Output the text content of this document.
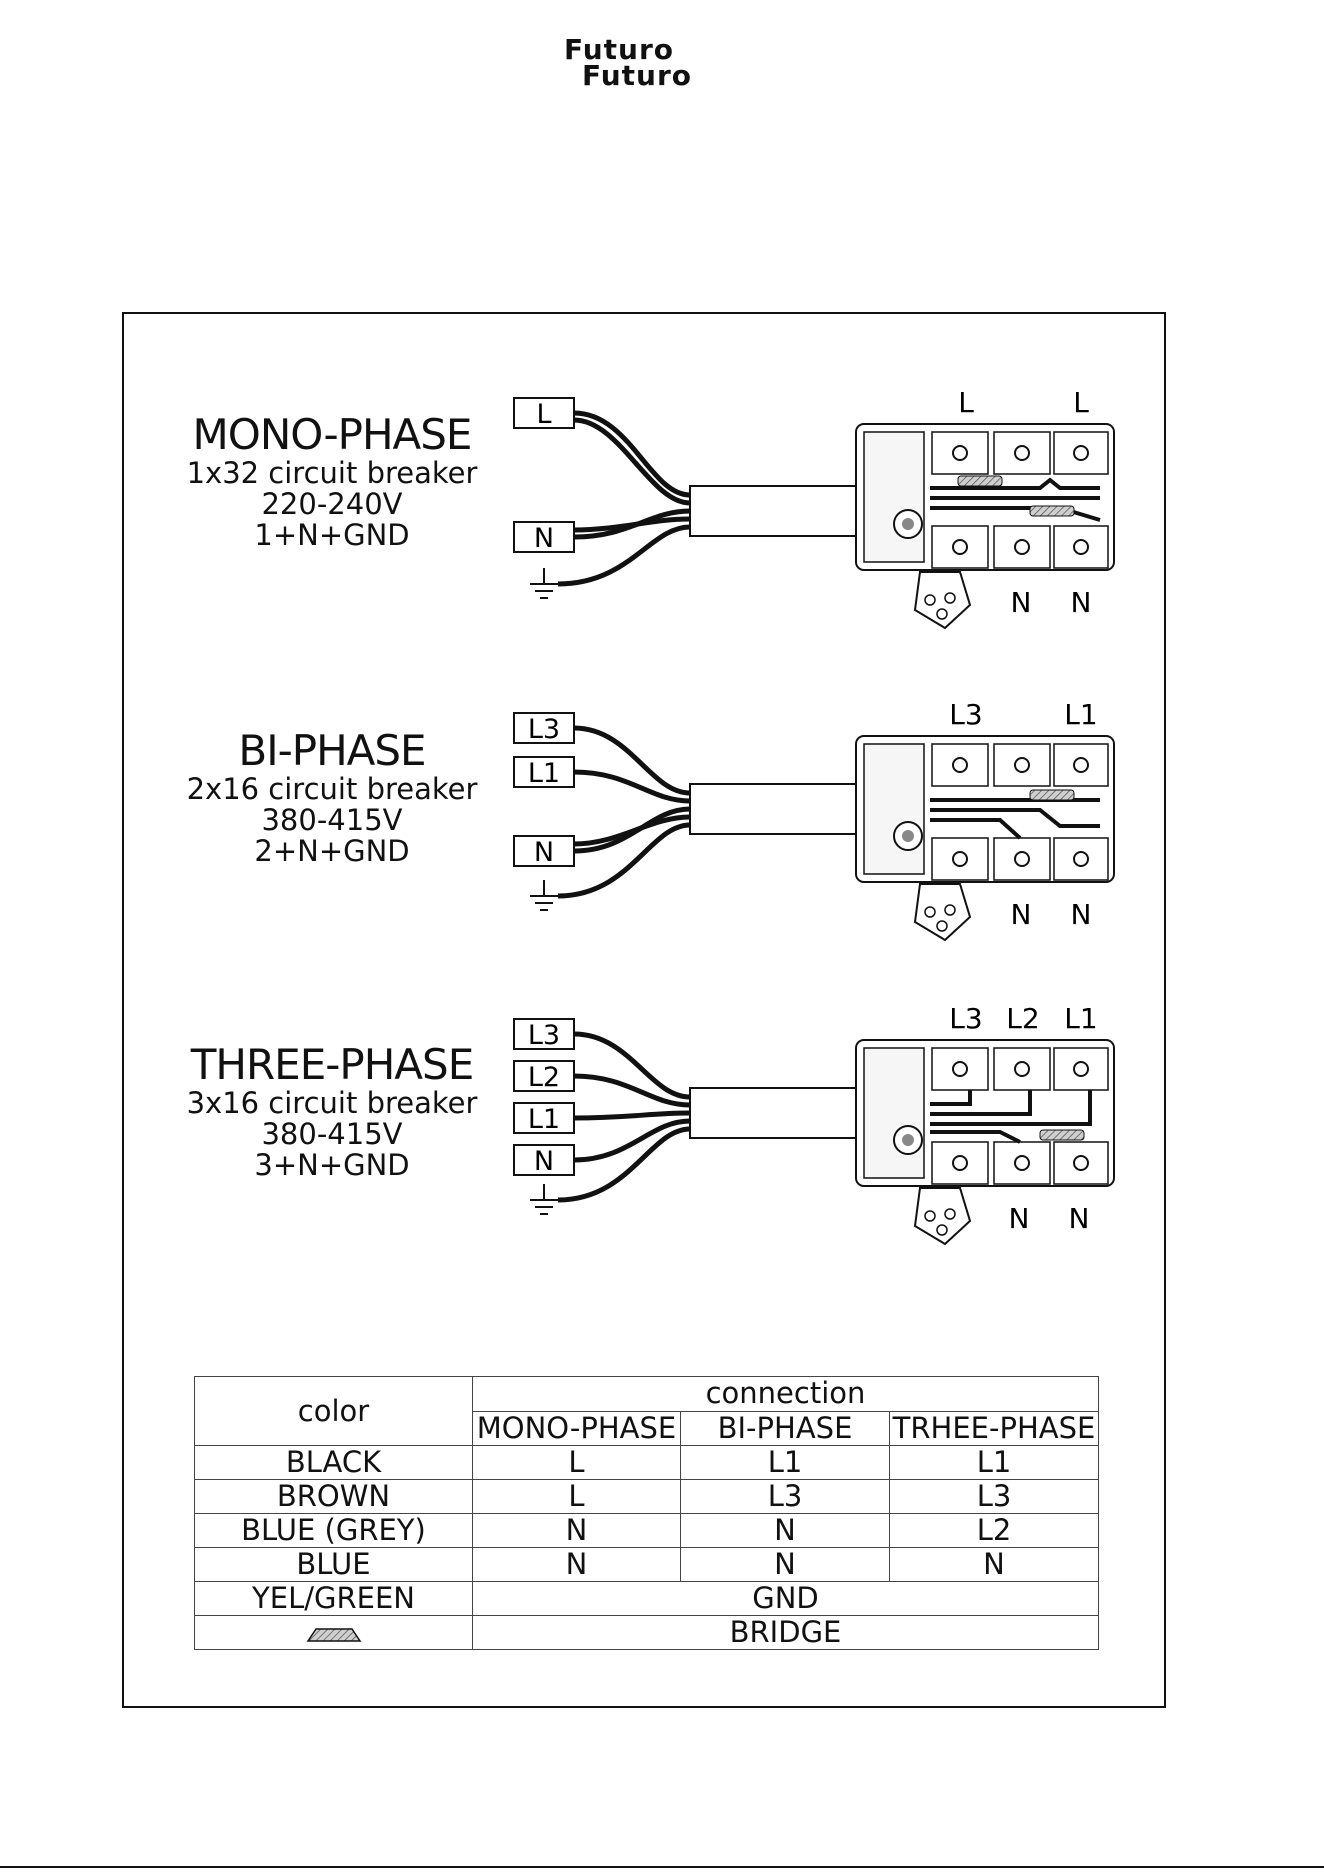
Futuro
Futuro
MONO-PHASE
1x32 circuit breaker
220-240V
1+N+GND
BI-PHASE
2x16 circuit breaker
380-415V
2+N+GND
THREE-PHASE
3x16 circuit breaker
380-415V
3+N+GND
L
N
L	L
N N
L3
L1
N
L3	L1
N N
L3
L2
L1
N
L3 L2 L1
N N
color	connection		
	MONO-PHASE	BI-PHASE	TRHEE-PHASE
BLACK	L	L1	L1
BROWN	L	L3	L3
BLUE (GREY)	N	N	L2
BLUE	N	N	N
YEL/GREEN	GND		
	BRIDGE		
